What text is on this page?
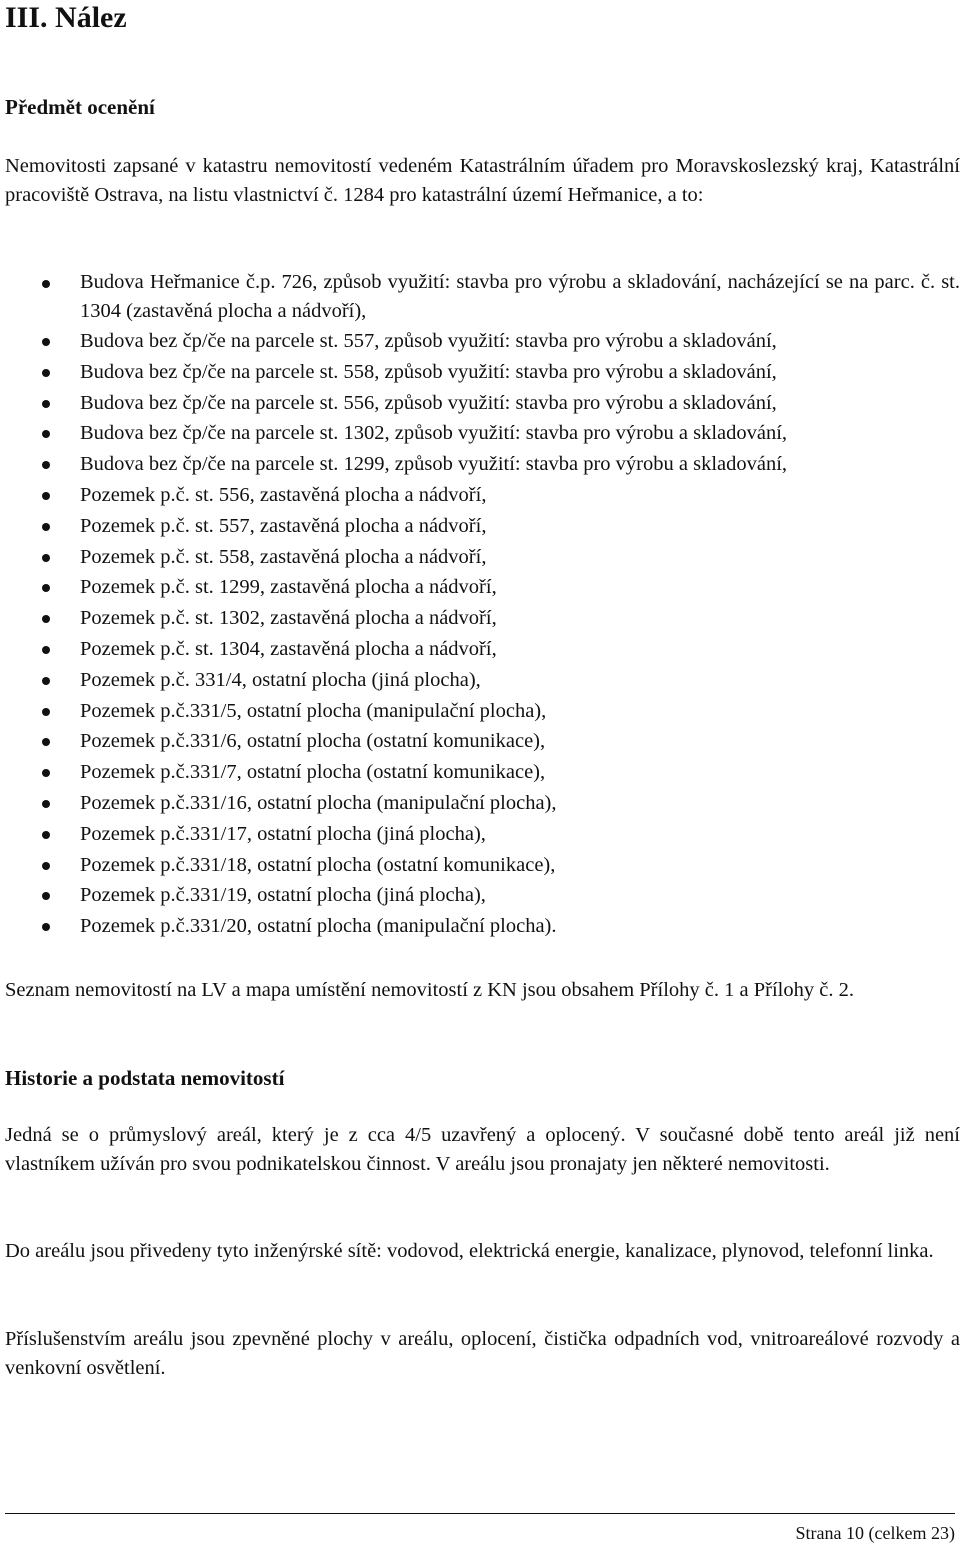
III. Nález
Předmět ocenění

Nemovitosti zapsané v katastru nemovitostí vedeném Katastrálním úřadem pro Moravskoslezský kraj, Katastrální pracoviště Ostrava, na listu vlastnictví č. 1284 pro katastrální území Heřmanice, a to:

Budova Heřmanice č.p. 726, způsob využití: stavba pro výrobu a skladování, nacházející se na parc. č. st. 1304 (zastavěná plocha a nádvoří),
Budova bez čp/če na parcele st. 557, způsob využití: stavba pro výrobu a skladování,
Budova bez čp/če na parcele st. 558, způsob využití: stavba pro výrobu a skladování,
Budova bez čp/če na parcele st. 556, způsob využití: stavba pro výrobu a skladování,
Budova bez čp/če na parcele st. 1302, způsob využití: stavba pro výrobu a skladování,
Budova bez čp/če na parcele st. 1299, způsob využití: stavba pro výrobu a skladování,
Pozemek p.č. st. 556, zastavěná plocha a nádvoří,
Pozemek p.č. st. 557, zastavěná plocha a nádvoří,
Pozemek p.č. st. 558, zastavěná plocha a nádvoří,
Pozemek p.č. st. 1299, zastavěná plocha a nádvoří,
Pozemek p.č. st. 1302, zastavěná plocha a nádvoří,
Pozemek p.č. st. 1304, zastavěná plocha a nádvoří,
Pozemek p.č. 331/4, ostatní plocha (jiná plocha),
Pozemek p.č.331/5, ostatní plocha (manipulační plocha),
Pozemek p.č.331/6, ostatní plocha (ostatní komunikace),
Pozemek p.č.331/7, ostatní plocha (ostatní komunikace),
Pozemek p.č.331/16, ostatní plocha (manipulační plocha),
Pozemek p.č.331/17, ostatní plocha (jiná plocha),
Pozemek p.č.331/18, ostatní plocha (ostatní komunikace),
Pozemek p.č.331/19, ostatní plocha (jiná plocha),
Pozemek p.č.331/20, ostatní plocha (manipulační plocha).

Seznam nemovitostí na LV a mapa umístění nemovitostí z KN jsou obsahem Přílohy č. 1 a Přílohy č. 2.

Historie a podstata nemovitostí

Jedná se o průmyslový areál, který je z cca 4/5 uzavřený a oplocený. V současné době tento areál již není vlastníkem užíván pro svou podnikatelskou činnost. V areálu jsou pronajaty jen některé nemovitosti.

Do areálu jsou přivedeny tyto inženýrské sítě: vodovod, elektrická energie, kanalizace, plynovod, telefonní linka.

Příslušenstvím areálu jsou zpevněné plochy v areálu, oplocení, čistička odpadních vod, vnitroareálové rozvody a venkovní osvětlení.

Strana 10 (celkem 23)
